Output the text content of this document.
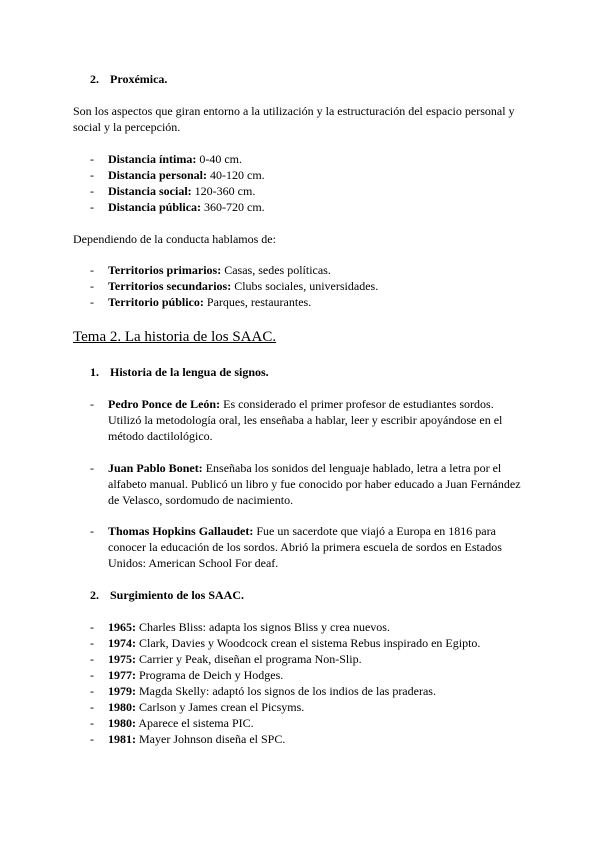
2. Proxémica.
Son los aspectos que giran entorno a la utilización y la estructuración del espacio personal y social y la percepción.
- Distancia íntima: 0-40 cm.
- Distancia personal: 40-120 cm.
- Distancia social: 120-360 cm.
- Distancia pública: 360-720 cm.
Dependiendo de la conducta hablamos de:
- Territorios primarios: Casas, sedes políticas.
- Territorios secundarios: Clubs sociales, universidades.
- Territorio público: Parques, restaurantes.
Tema 2. La historia de los SAAC.
1. Historia de la lengua de signos.
- Pedro Ponce de León: Es considerado el primer profesor de estudiantes sordos. Utilizó la metodología oral, les enseñaba a hablar, leer y escribir apoyándose en el método dactilológico.
- Juan Pablo Bonet: Enseñaba los sonidos del lenguaje hablado, letra a letra por el alfabeto manual. Publicó un libro y fue conocido por haber educado a Juan Fernández de Velasco, sordomudo de nacimiento.
- Thomas Hopkins Gallaudet: Fue un sacerdote que viajó a Europa en 1816 para conocer la educación de los sordos. Abrió la primera escuela de sordos en Estados Unidos: American School For deaf.
2. Surgimiento de los SAAC.
- 1965: Charles Bliss: adapta los signos Bliss y crea nuevos.
- 1974: Clark, Davies y Woodcock crean el sistema Rebus inspirado en Egipto.
- 1975: Carrier y Peak, diseñan el programa Non-Slip.
- 1977: Programa de Deich y Hodges.
- 1979: Magda Skelly: adaptó los signos de los indios de las praderas.
- 1980: Carlson y James crean el Picsyms.
- 1980: Aparece el sistema PIC.
- 1981: Mayer Johnson diseña el SPC.
